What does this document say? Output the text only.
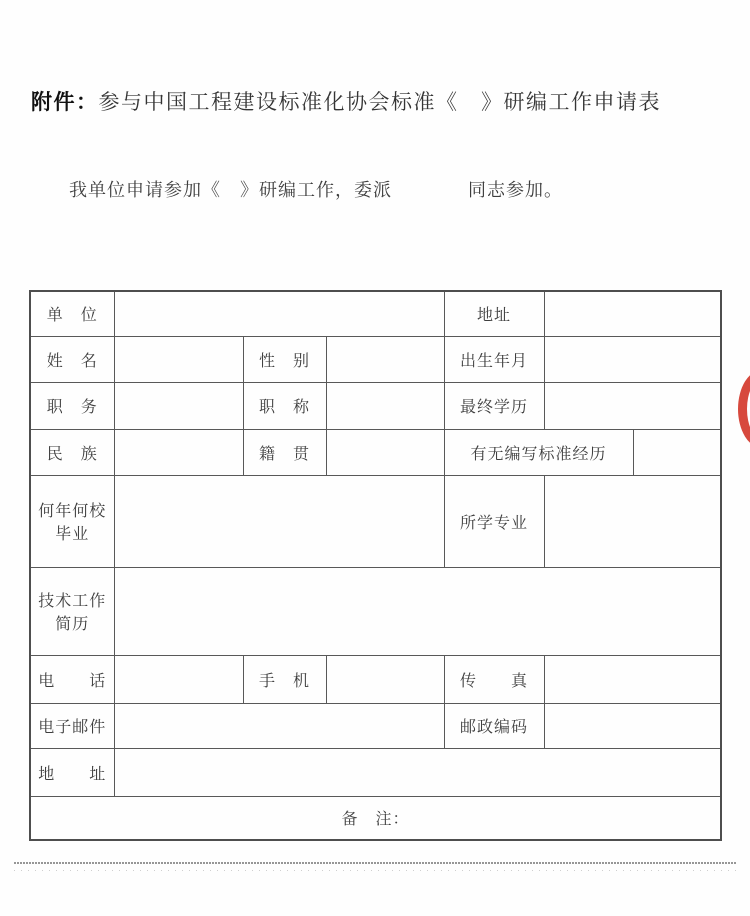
附件：参与中国工程建设标准化协会标准《　》研编工作申请表
我单位申请参加《　》研编工作，委派	同志参加。
单　位				地址		
姓　名		性　别		出生年月		
职　务		职　称		最终学历		
民　族		籍　贯		有无编写标准经历		

何年何校
毕业				所学专业		

技术工作
简历						

电　　话		手　机		传　　真		
电子邮件				邮政编码		
地　　址						
备　注：						
